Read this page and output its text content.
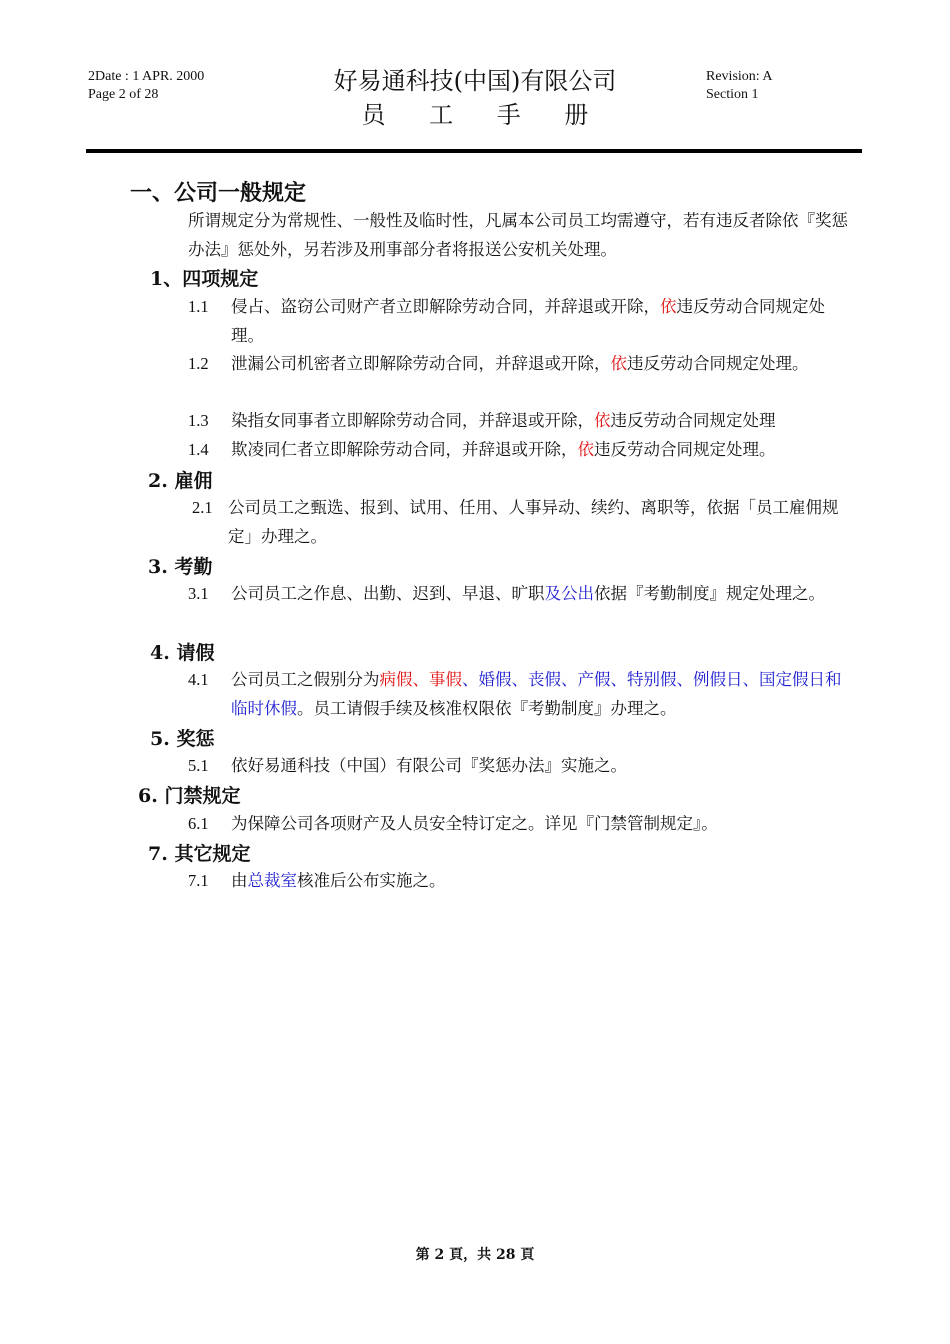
2Date : 1 APR. 2000
Page 2 of 28	好易通科技(中国)有限公司
员 工 手 册
Revision: A
Section 1
一、公司一般规定
所谓规定分为常规性、一般性及临时性，凡属本公司员工均需遵守，若有违反者除依『奖惩办法』惩处外，另若涉及刑事部分者将报送公安机关处理。
1、四项规定
1.1	侵占、盗窃公司财产者立即解除劳动合同，并辞退或开除，依违反劳动合同规定处理。
1.2	泄漏公司机密者立即解除劳动合同，并辞退或开除，依违反劳动合同规定处理。
1.3	染指女同事者立即解除劳动合同，并辞退或开除，依违反劳动合同规定处理
1.4	欺凌同仁者立即解除劳动合同，并辞退或开除，依违反劳动合同规定处理。
2. 雇佣
2.1 公司员工之甄选、报到、试用、任用、人事异动、续约、离职等，依据「员工雇佣规定」办理之。
3. 考勤
3.1	公司员工之作息、出勤、迟到、早退、旷职及公出依据『考勤制度』规定处理之。
4. 请假
4.1	公司员工之假别分为病假、事假、婚假、丧假、产假、特别假、例假日、国定假日和临时休假。员工请假手续及核准权限依『考勤制度』办理之。
5. 奖惩
5.1	依好易通科技（中国）有限公司『奖惩办法』实施之。
6. 门禁规定
6.1	为保障公司各项财产及人员安全特订定之。详见『门禁管制规定』。
7. 其它规定
7.1	由总裁室核准后公布实施之。
第 2 頁，共 28 頁
